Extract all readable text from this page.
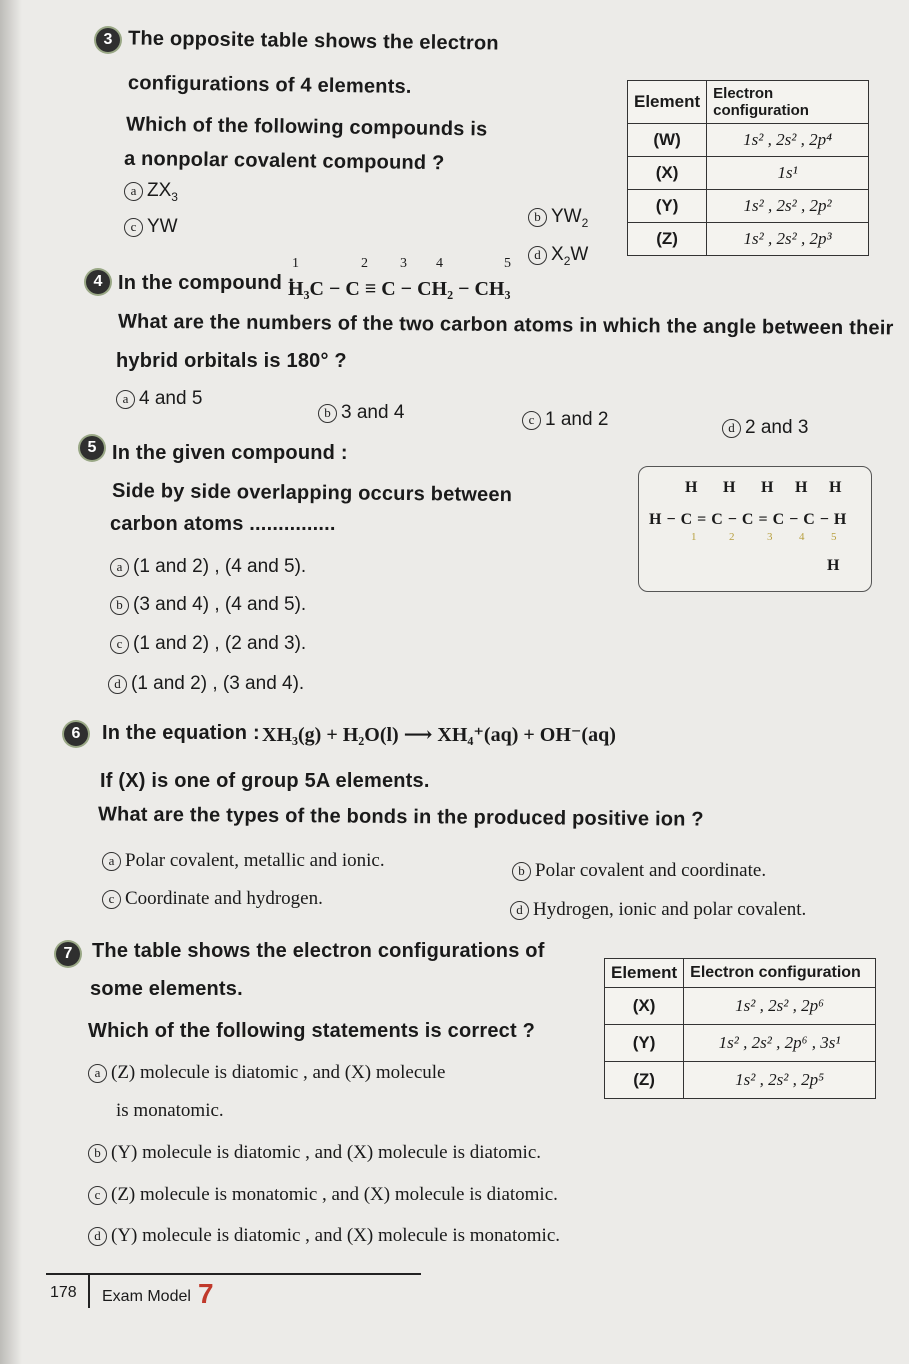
3 The opposite table shows the electron
configurations of 4 elements.
Which of the following compounds is
a nonpolar covalent compound ?
a $ZX_3$
c YW	b $YW_2$
d $X_2W$
Element	Electron configuration
(W)	1s² , 2s² , 2p⁴
(X)	1s¹
(Y)	1s² , 2s² , 2p²
(Z)	1s² , 2s² , 2p³
4 In the compound :
1	2 3 4	5
H₃C − C ≡ C − CH₂ − CH₃
What are the numbers of the two carbon atoms in which the angle between their
hybrid orbitals is 180° ?
a 4 and 5
b 3 and 4	c 1 and 2	d 2 and 3
5 In the given compound :
Side by side overlapping occurs between
carbon atoms ...............
a (1 and 2) , (4 and 5).
b (3 and 4) , (4 and 5).
c (1 and 2) , (2 and 3).
d (1 and 2) , (3 and 4).
H H H H H
H − C = C − C = C − C − H
1	2	3 4 5
H
6	In the equation : XH₃(g) + H₂O(l) ⟶ XH₄⁺(aq) + OH⁻(aq)
If (X) is one of group 5A elements.
What are the types of the bonds in the produced positive ion ?
a Polar covalent, metallic and ionic.	b Polar covalent and coordinate.
c Coordinate and hydrogen.
d Hydrogen, ionic and polar covalent.
7 The table shows the electron configurations of
some elements.
Which of the following statements is correct ?
a (Z) molecule is diatomic , and (X) molecule
is monatomic.
b (Y) molecule is diatomic , and (X) molecule is diatomic.
c (Z) molecule is monatomic , and (X) molecule is diatomic.
d (Y) molecule is diatomic , and (X) molecule is monatomic.
Element	Electron configuration
(X)	1s² , 2s² , 2p⁶
(Y)	1s² , 2s² , 2p⁶ , 3s¹
(Z)	1s² , 2s² , 2p⁵
178 Exam Model 7
